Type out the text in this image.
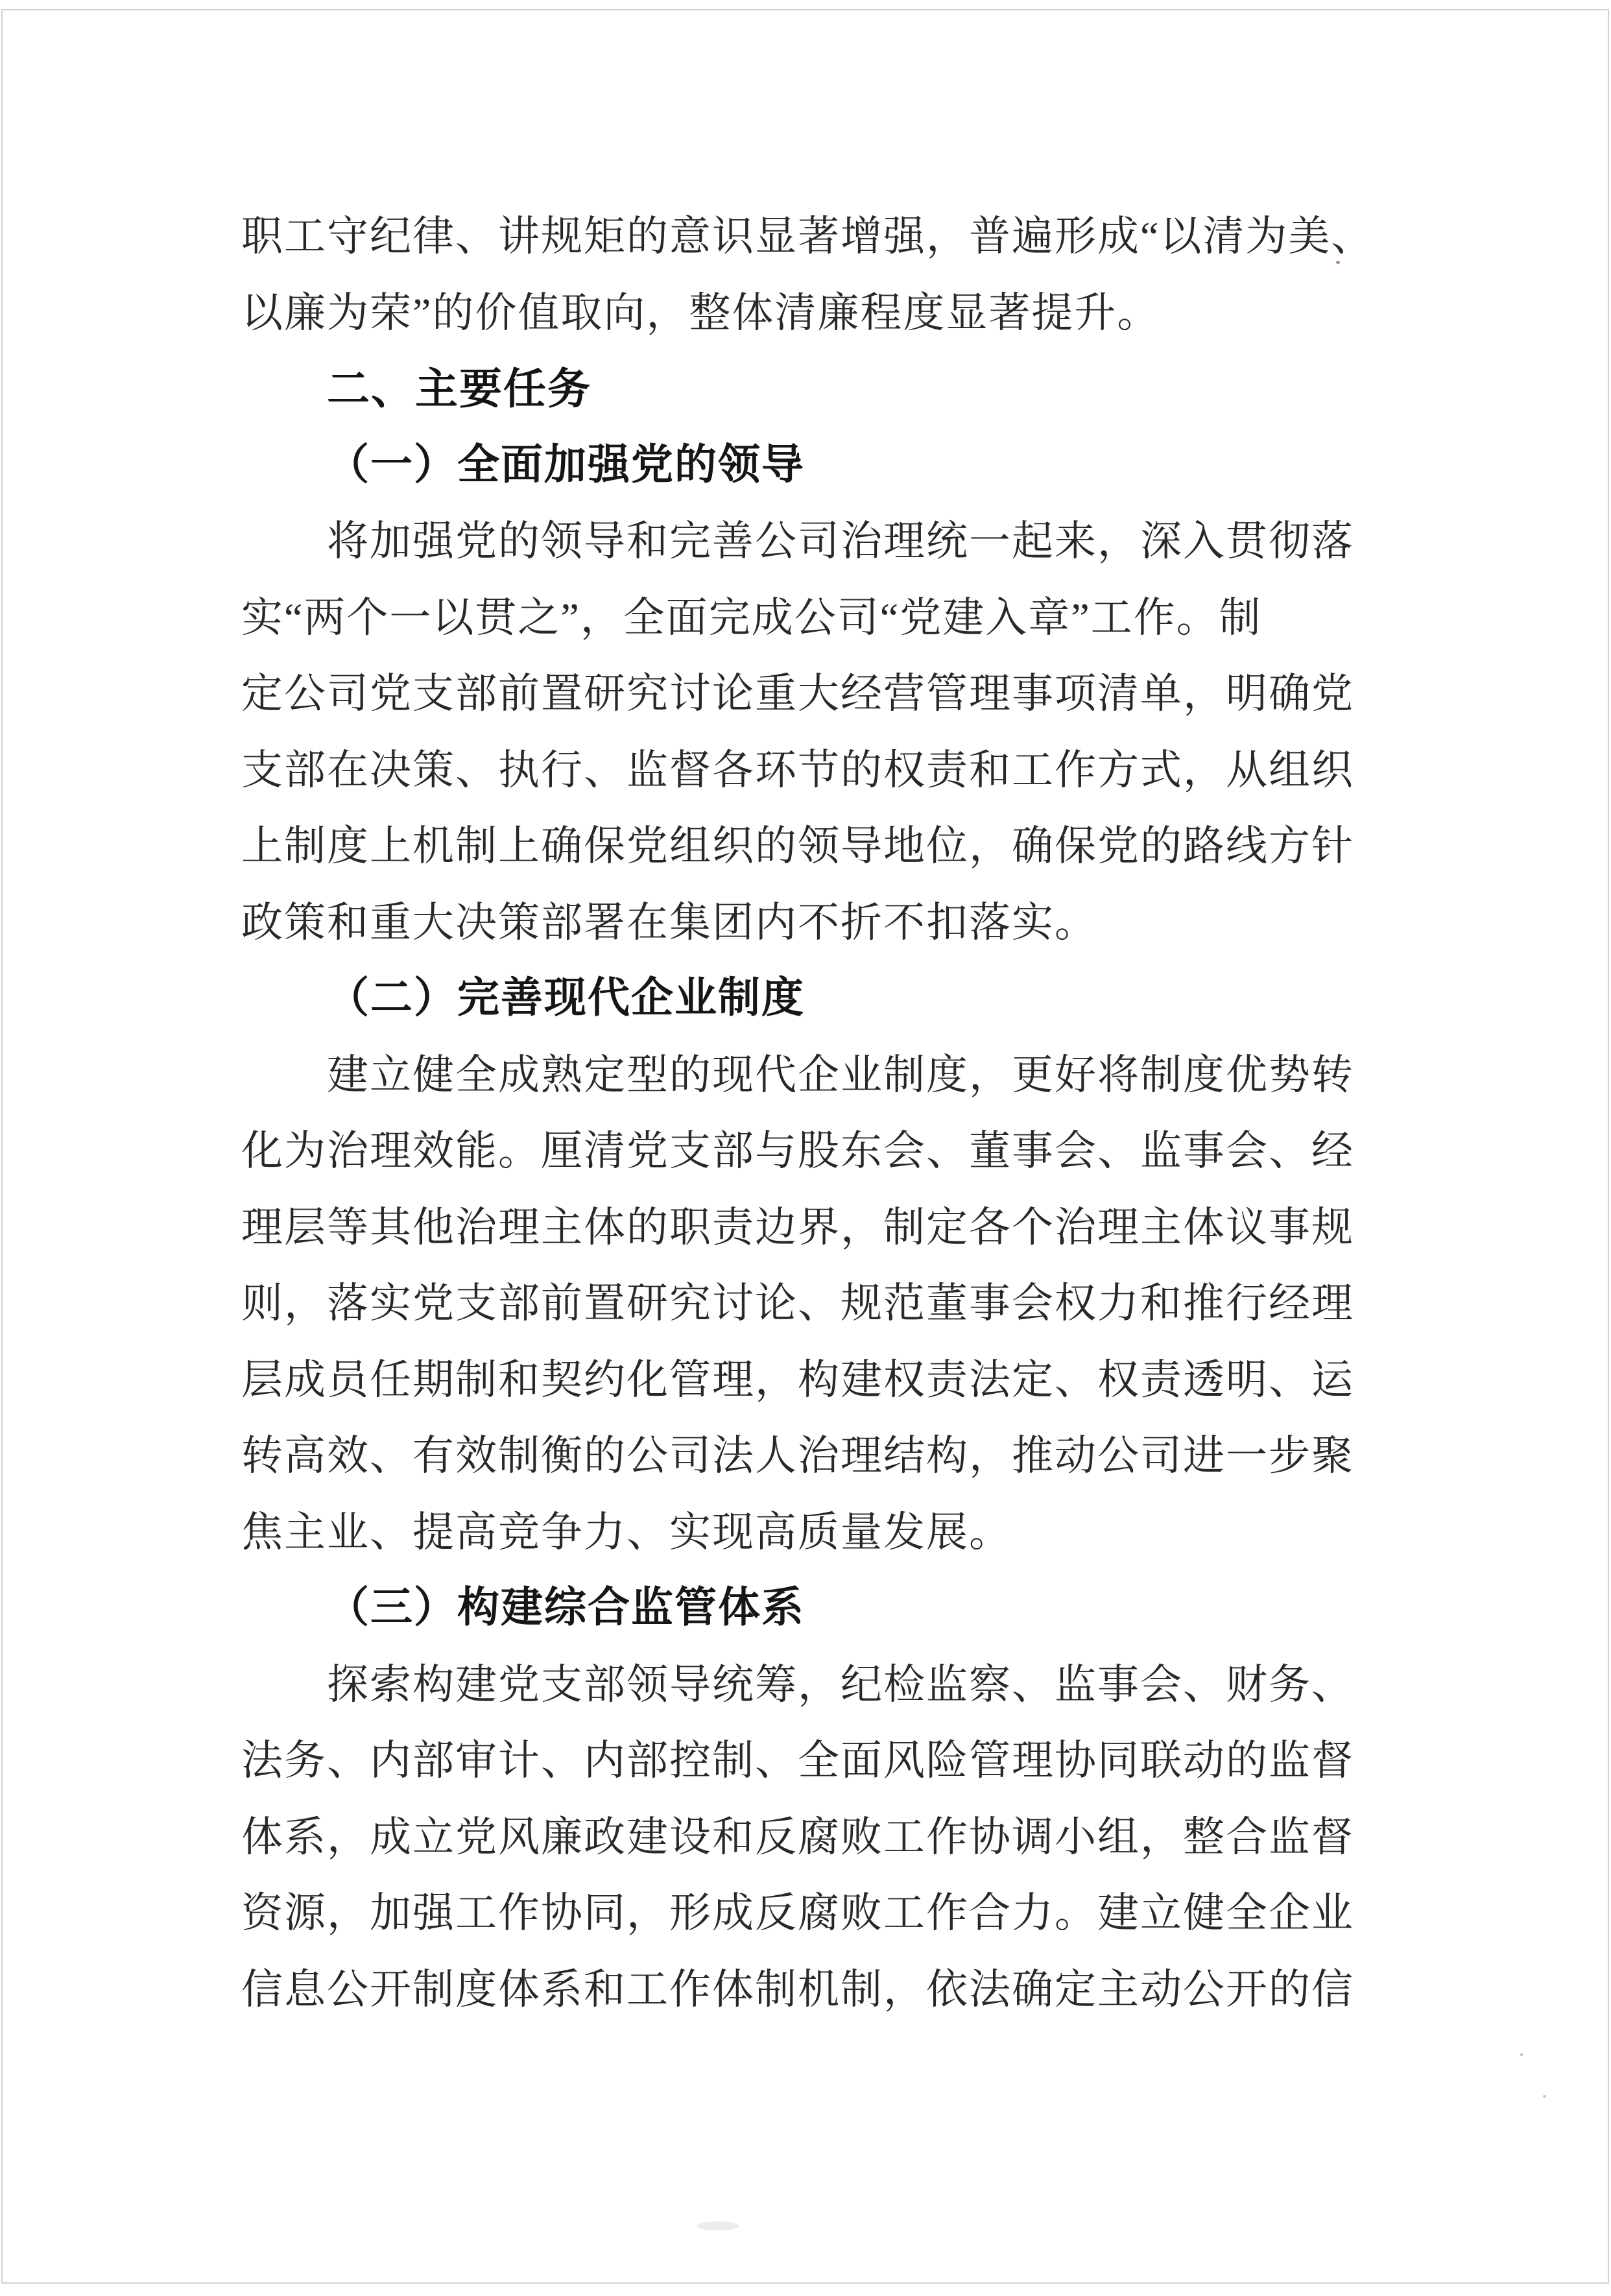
职工守纪律、讲规矩的意识显著增强，普遍形成“以清为美、
以廉为荣”的价值取向，整体清廉程度显著提升。
二、主要任务
（一）全面加强党的领导
将加强党的领导和完善公司治理统一起来，深入贯彻落
实“两个一以贯之”，全面完成公司“党建入章”工作。制
定公司党支部前置研究讨论重大经营管理事项清单，明确党
支部在决策、执行、监督各环节的权责和工作方式，从组织
上制度上机制上确保党组织的领导地位，确保党的路线方针
政策和重大决策部署在集团内不折不扣落实。
（二）完善现代企业制度
建立健全成熟定型的现代企业制度，更好将制度优势转
化为治理效能。厘清党支部与股东会、董事会、监事会、经
理层等其他治理主体的职责边界，制定各个治理主体议事规
则，落实党支部前置研究讨论、规范董事会权力和推行经理
层成员任期制和契约化管理，构建权责法定、权责透明、运
转高效、有效制衡的公司法人治理结构，推动公司进一步聚
焦主业、提高竞争力、实现高质量发展。
（三）构建综合监管体系
探索构建党支部领导统筹，纪检监察、监事会、财务、
法务、内部审计、内部控制、全面风险管理协同联动的监督
体系，成立党风廉政建设和反腐败工作协调小组，整合监督
资源，加强工作协同，形成反腐败工作合力。建立健全企业
信息公开制度体系和工作体制机制，依法确定主动公开的信
